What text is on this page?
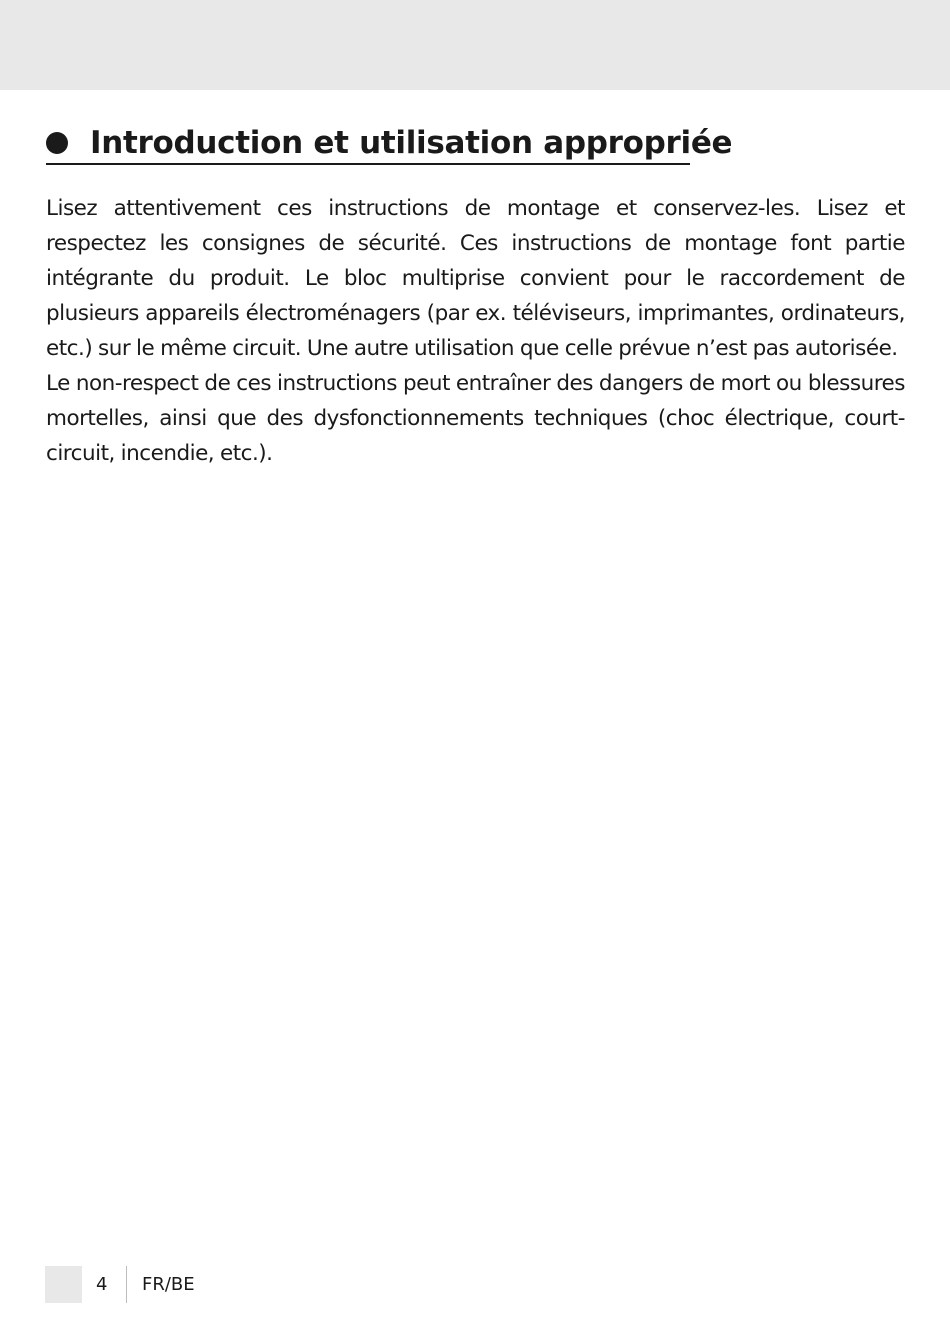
Introduction et utilisation appropriée

Lisez attentivement ces instructions de montage et conservez-les. Lisez et respectez les consignes de sécurité. Ces instructions de montage font partie intégrante du produit. Le bloc multiprise convient pour le raccordement de plusieurs appareils électroménagers (par ex. téléviseurs, imprimantes, ordinateurs, etc.) sur le même circuit. Une autre utilisation que celle prévue n’est pas autorisée.

Le non-respect de ces instructions peut entraîner des dangers de mort ou blessures mortelles, ainsi que des dysfonctionnements techniques (choc électrique, court-circuit, incendie, etc.).

4 FR/BE
